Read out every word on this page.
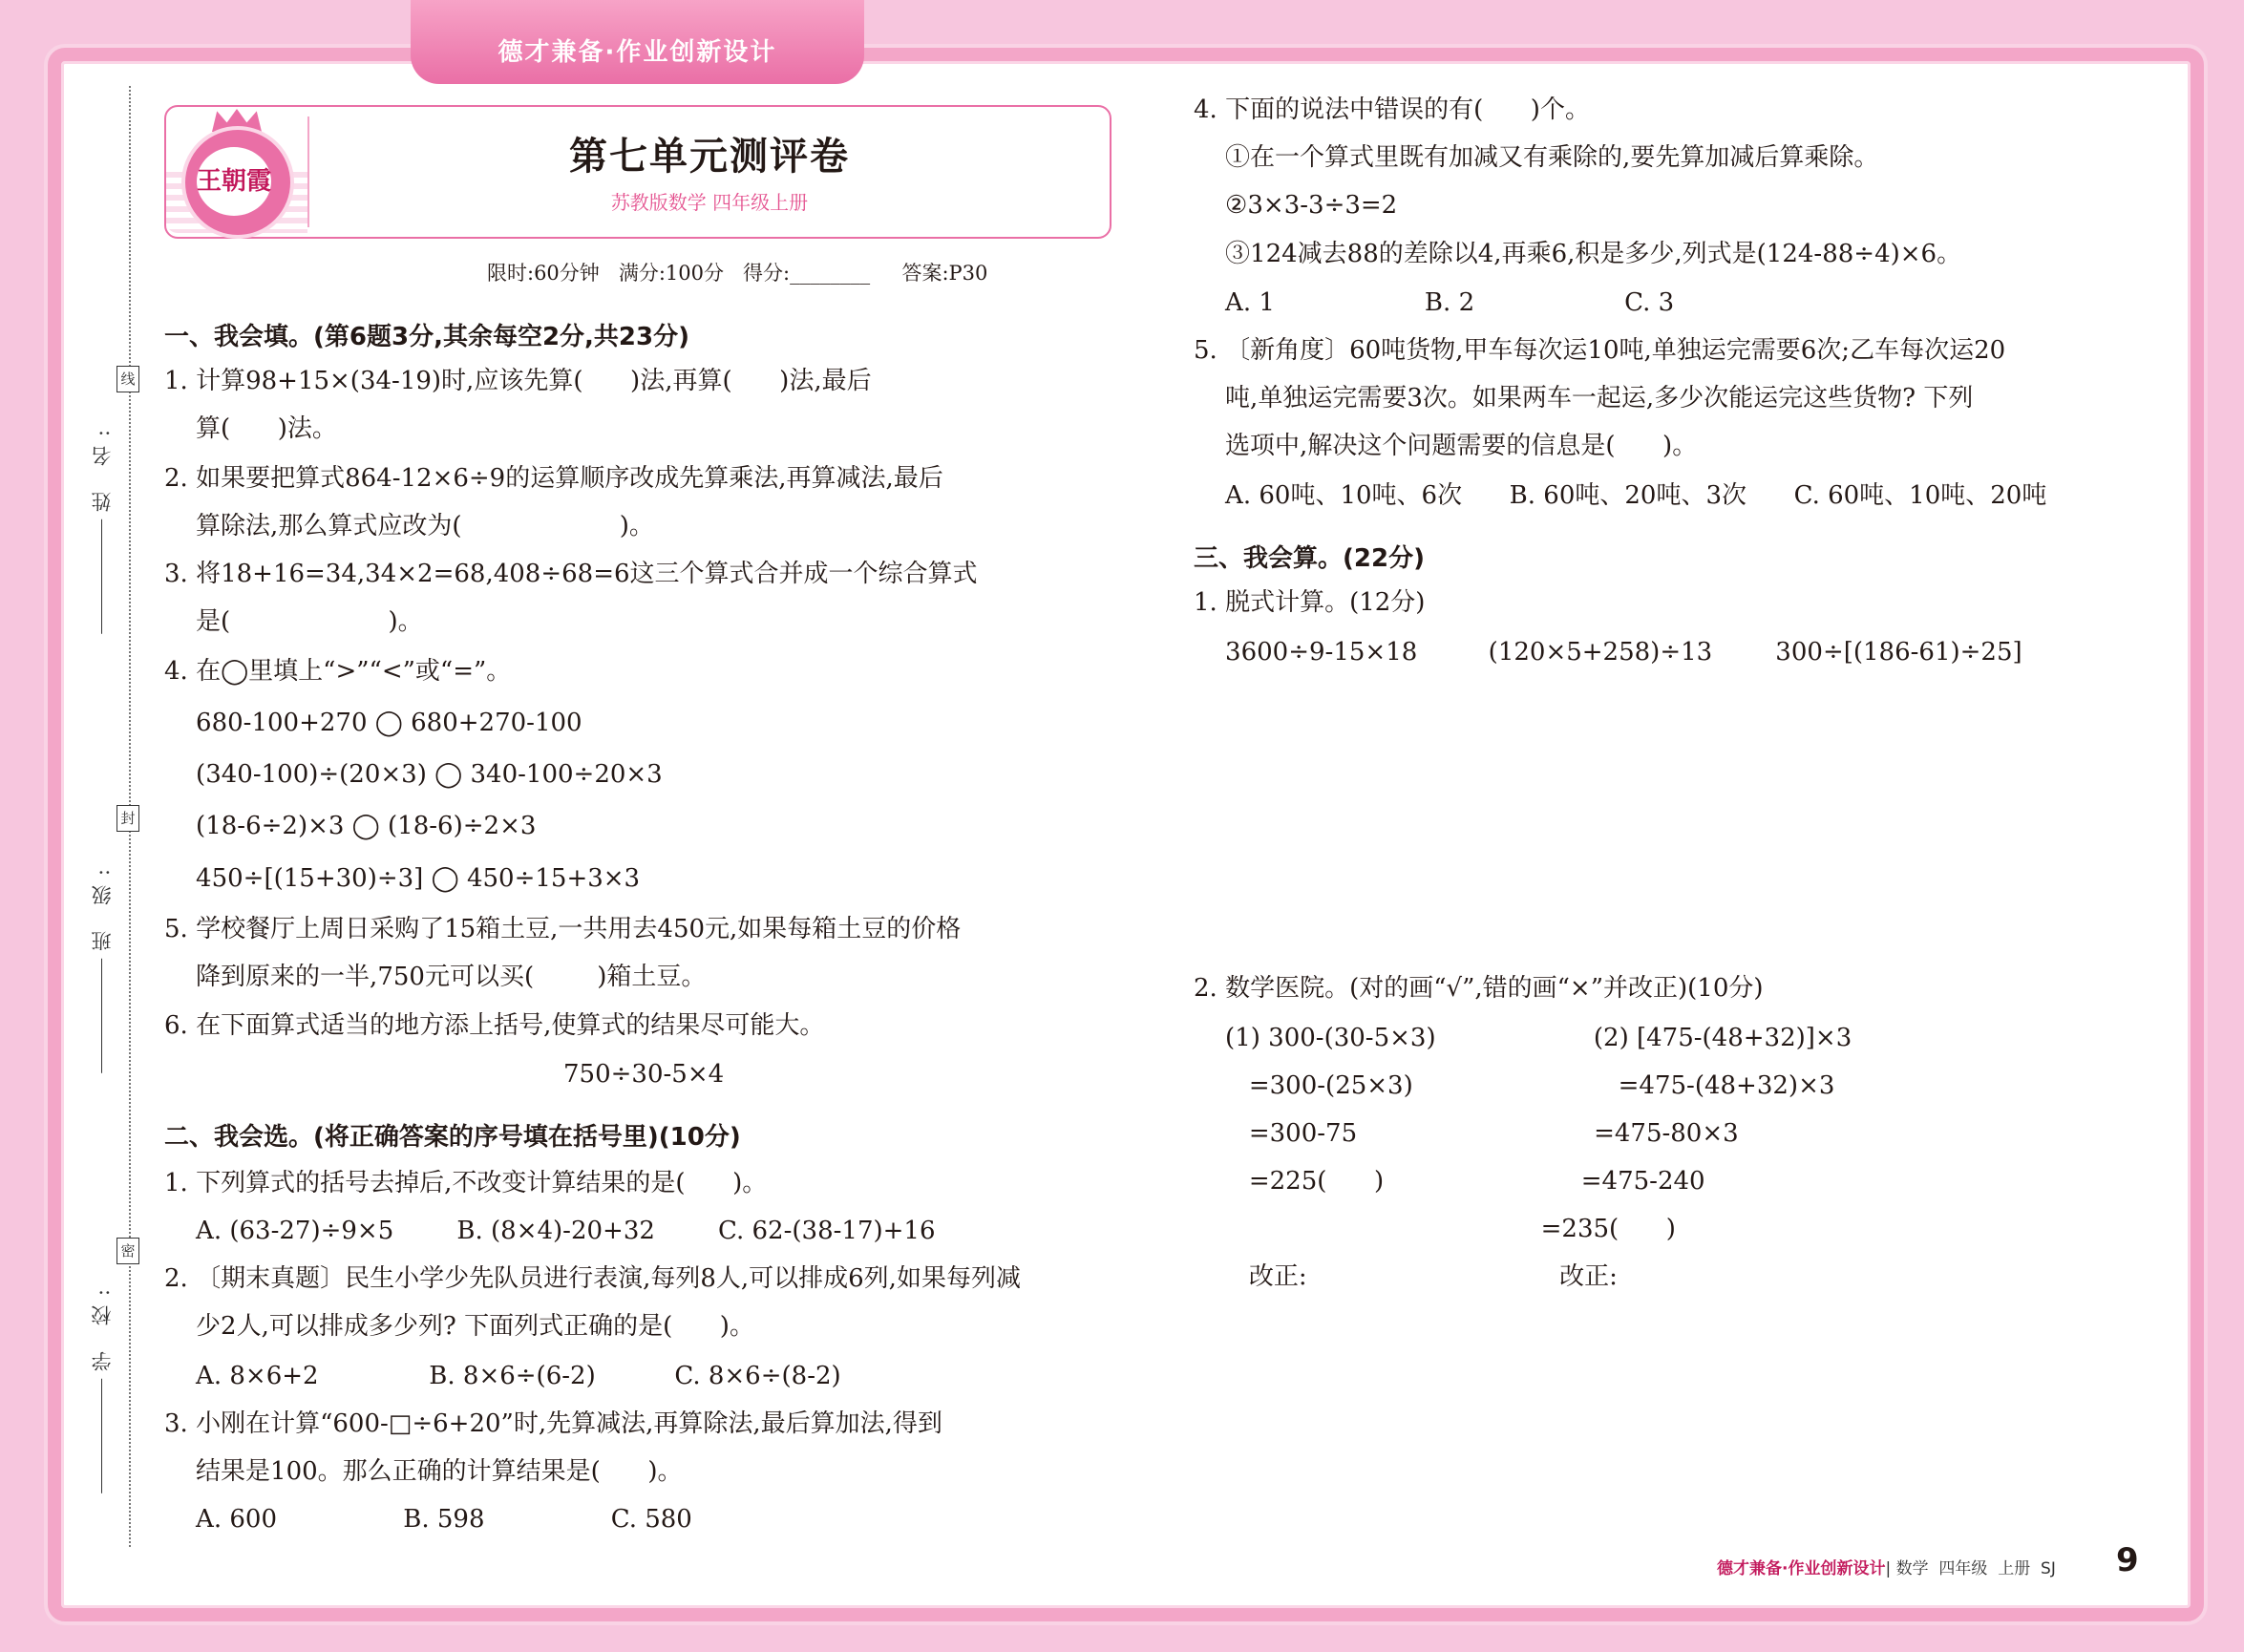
德才兼备·作业创新设计
姓 名:
班 级:
学 校:
线
封
密
王朝霞
第七单元测评卷
苏教版数学 四年级上册
限时:60分钟   满分:100分   得分:________     答案:P30
一、我会填。(第6题3分,其余每空2分,共23分)
1. 计算98+15×(34-19)时,应该先算(      )法,再算(      )法,最后
算(      )法。
2. 如果要把算式864-12×6÷9的运算顺序改成先算乘法,再算减法,最后
算除法,那么算式应改为(                    )。
3. 将18+16=34,34×2=68,408÷68=6这三个算式合并成一个综合算式
是(                    )。
4. 在◯里填上“>”“<”或“=”。
680-100+270 ◯ 680+270-100
(340-100)÷(20×3) ◯ 340-100÷20×3
(18-6÷2)×3 ◯ (18-6)÷2×3
450÷[(15+30)÷3] ◯ 450÷15+3×3
5. 学校餐厅上周日采购了15箱土豆,一共用去450元,如果每箱土豆的价格
降到原来的一半,750元可以买(        )箱土豆。
6. 在下面算式适当的地方添上括号,使算式的结果尽可能大。
750÷30-5×4
二、我会选。(将正确答案的序号填在括号里)(10分)
1. 下列算式的括号去掉后,不改变计算结果的是(      )。
A. (63-27)÷9×5        B. (8×4)-20+32        C. 62-(38-17)+16
2. 〔期末真题〕民生小学少先队员进行表演,每列8人,可以排成6列,如果每列减
少2人,可以排成多少列? 下面列式正确的是(      )。
A. 8×6+2              B. 8×6÷(6-2)          C. 8×6÷(8-2)
3. 小刚在计算“600-□÷6+20”时,先算减法,再算除法,最后算加法,得到
结果是100。那么正确的计算结果是(      )。
A. 600                B. 598                C. 580
4. 下面的说法中错误的有(      )个。
①在一个算式里既有加减又有乘除的,要先算加减后算乘除。
②3×3-3÷3=2
③124减去88的差除以4,再乘6,积是多少,列式是(124-88÷4)×6。
A. 1                   B. 2                   C. 3
5. 〔新角度〕60吨货物,甲车每次运10吨,单独运完需要6次;乙车每次运20
吨,单独运完需要3次。如果两车一起运,多少次能运完这些货物? 下列
选项中,解决这个问题需要的信息是(      )。
A. 60吨、10吨、6次      B. 60吨、20吨、3次      C. 60吨、10吨、20吨
三、我会算。(22分)
1. 脱式计算。(12分)
3600÷9-15×18         (120×5+258)÷13        300÷[(186-61)÷25]
2. 数学医院。(对的画“√”,错的画“×”并改正)(10分)
(1) 300-(30-5×3)                    (2) [475-(48+32)]×3
=300-(25×3)                          =475-(48+32)×3
=300-75                              =475-80×3
=225(      )                         =475-240
=235(      )
改正:                                改正:
德才兼备·作业创新设计| 数学  四年级  上册  SJ 9
